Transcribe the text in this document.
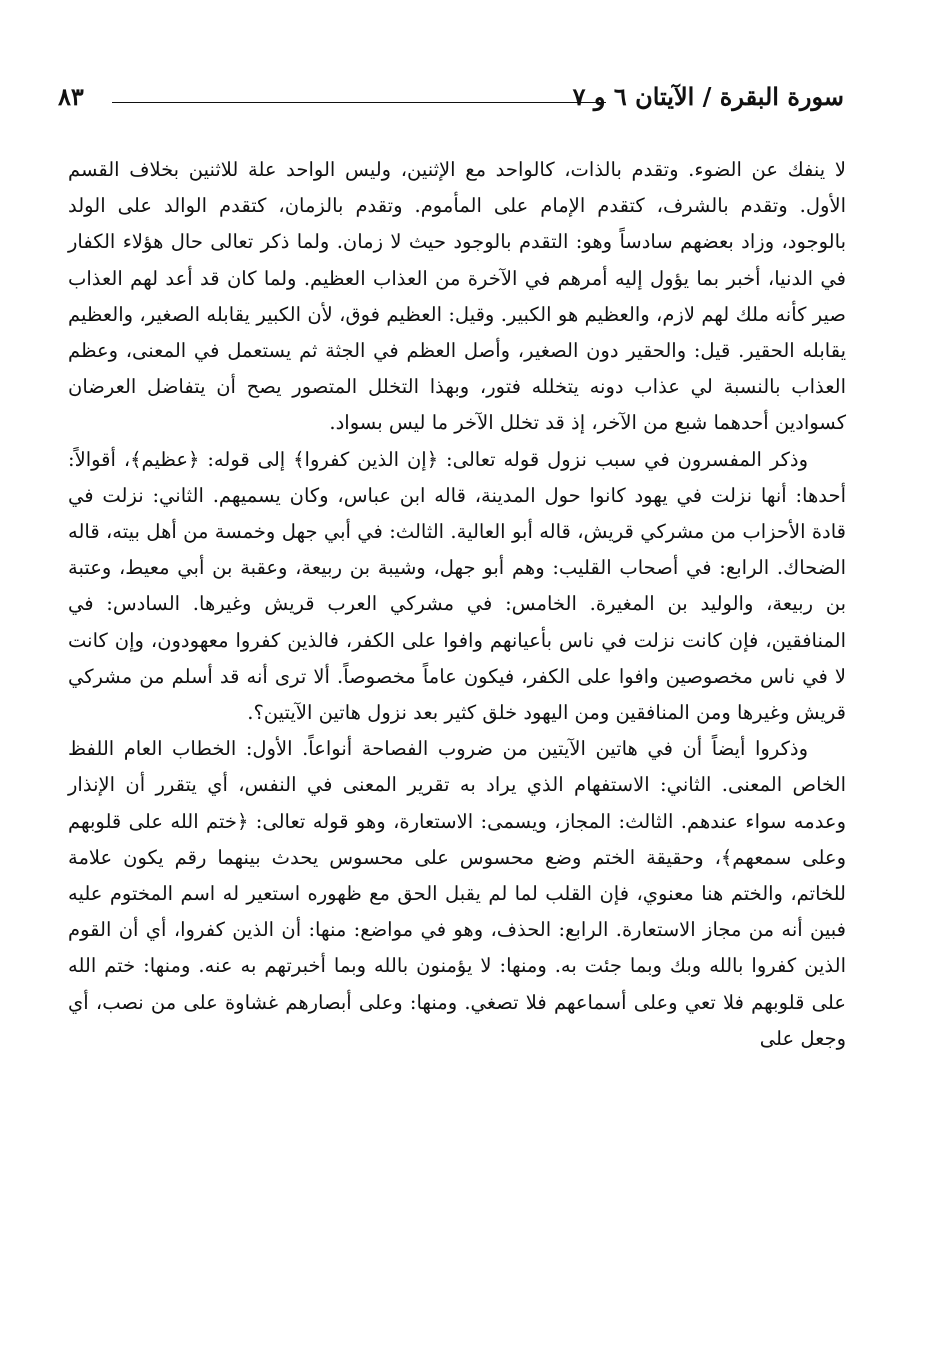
سورة البقرة / الآيتان ٦ و ٧
٨٣

لا ينفك عن الضوء. وتقدم بالذات، كالواحد مع الإثنين، وليس الواحد علة للاثنين بخلاف القسم الأول. وتقدم بالشرف، كتقدم الإمام على المأموم. وتقدم بالزمان، كتقدم الوالد على الولد بالوجود، وزاد بعضهم سادساً وهو: التقدم بالوجود حيث لا زمان. ولما ذكر تعالى حال هؤلاء الكفار في الدنيا، أخبر بما يؤول إليه أمرهم في الآخرة من العذاب العظيم. ولما كان قد أعد لهم العذاب صير كأنه ملك لهم لازم، والعظيم هو الكبير. وقيل: العظيم فوق، لأن الكبير يقابله الصغير، والعظيم يقابله الحقير. قيل: والحقير دون الصغير، وأصل العظم في الجثة ثم يستعمل في المعنى، وعظم العذاب بالنسبة لي عذاب دونه يتخلله فتور، وبهذا التخلل المتصور يصح أن يتفاضل العرضان كسوادين أحدهما شبع من الآخر، إذ قد تخلل الآخر ما ليس بسواد.

وذكر المفسرون في سبب نزول قوله تعالى: ﴿إن الذين كفروا﴾ إلى قوله: ﴿عظيم﴾، أقوالاً: أحدها: أنها نزلت في يهود كانوا حول المدينة، قاله ابن عباس، وكان يسميهم. الثاني: نزلت في قادة الأحزاب من مشركي قريش، قاله أبو العالية. الثالث: في أبي جهل وخمسة من أهل بيته، قاله الضحاك. الرابع: في أصحاب القليب: وهم أبو جهل، وشيبة بن ربيعة، وعقبة بن أبي معيط، وعتبة بن ربيعة، والوليد بن المغيرة. الخامس: في مشركي العرب قريش وغيرها. السادس: في المنافقين، فإن كانت نزلت في ناس بأعيانهم وافوا على الكفر، فالذين كفروا معهودون، وإن كانت لا في ناس مخصوصين وافوا على الكفر، فيكون عاماً مخصوصاً. ألا ترى أنه قد أسلم من مشركي قريش وغيرها ومن المنافقين ومن اليهود خلق كثير بعد نزول هاتين الآيتين؟.

وذكروا أيضاً أن في هاتين الآيتين من ضروب الفصاحة أنواعاً. الأول: الخطاب العام اللفظ الخاص المعنى. الثاني: الاستفهام الذي يراد به تقرير المعنى في النفس، أي يتقرر أن الإنذار وعدمه سواء عندهم. الثالث: المجاز، ويسمى: الاستعارة، وهو قوله تعالى: ﴿ختم الله على قلوبهم وعلى سمعهم﴾، وحقيقة الختم وضع محسوس على محسوس يحدث بينهما رقم يكون علامة للخاتم، والختم هنا معنوي، فإن القلب لما لم يقبل الحق مع ظهوره استعير له اسم المختوم عليه فبين أنه من مجاز الاستعارة. الرابع: الحذف، وهو في مواضع: منها: أن الذين كفروا، أي أن القوم الذين كفروا بالله وبك وبما جئت به. ومنها: لا يؤمنون بالله وبما أخبرتهم به عنه. ومنها: ختم الله على قلوبهم فلا تعي وعلى أسماعهم فلا تصغي. ومنها: وعلى أبصارهم غشاوة على من نصب، أي وجعل على
